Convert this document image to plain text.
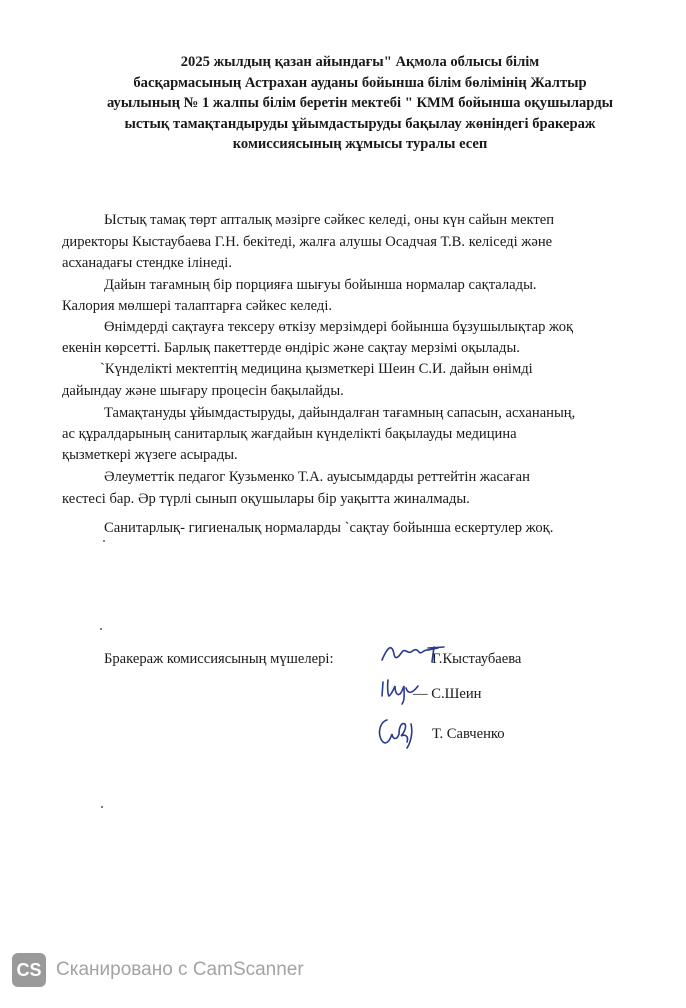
2025 жылдың қазан айындағы" Ақмола облысы білім
басқармасының Астрахан ауданы бойынша білім бөлімінің Жалтыр
ауылының № 1 жалпы білім беретін мектебі " КММ бойынша оқушыларды
ыстық тамақтандыруды ұйымдастыруды бақылау жөніндегі бракераж
комиссиясының жұмысы туралы есеп
Ыстық тамақ төрт апталық мәзірге сәйкес келеді, оны күн сайын мектеп
директоры Кыстаубаева Г.Н. бекітеді, жалға алушы Осадчая Т.В. келіседі және
асханадағы стендке ілінеді.
Дайын тағамның бір порцияға шығуы бойынша нормалар сақталады.
Калория мөлшері талаптарға сәйкес келеді.
Өнімдерді сақтауға тексеру өткізу мерзімдері бойынша бұзушылықтар жоқ
екенін көрсетті. Барлық пакеттерде өндіріс және сақтау мерзімі оқылады.
`Күнделікті мектептің медицина қызметкері Шеин С.И. дайын өнімді
дайындау және шығару процесін бақылайды.
Тамақтануды ұйымдастыруды, дайындалған тағамның сапасын, асхананың,
ас құралдарының санитарлық жағдайын күнделікті бақылауды медицина
қызметкері жүзеге асырады.
Әлеуметтік педагог Кузьменко Т.А. ауысымдарды реттейтін жасаған
кестесі бар. Әр түрлі сынып оқушылары бір уақытта жиналмады.
Санитарлық- гигиеналық нормаларды `сақтау бойынша ескертулер жоқ.
Бракераж комиссиясының мүшелері:	Г.Кыстаубаева
— С.Шеин
Т. Савченко
CS Сканировано с CamScanner
